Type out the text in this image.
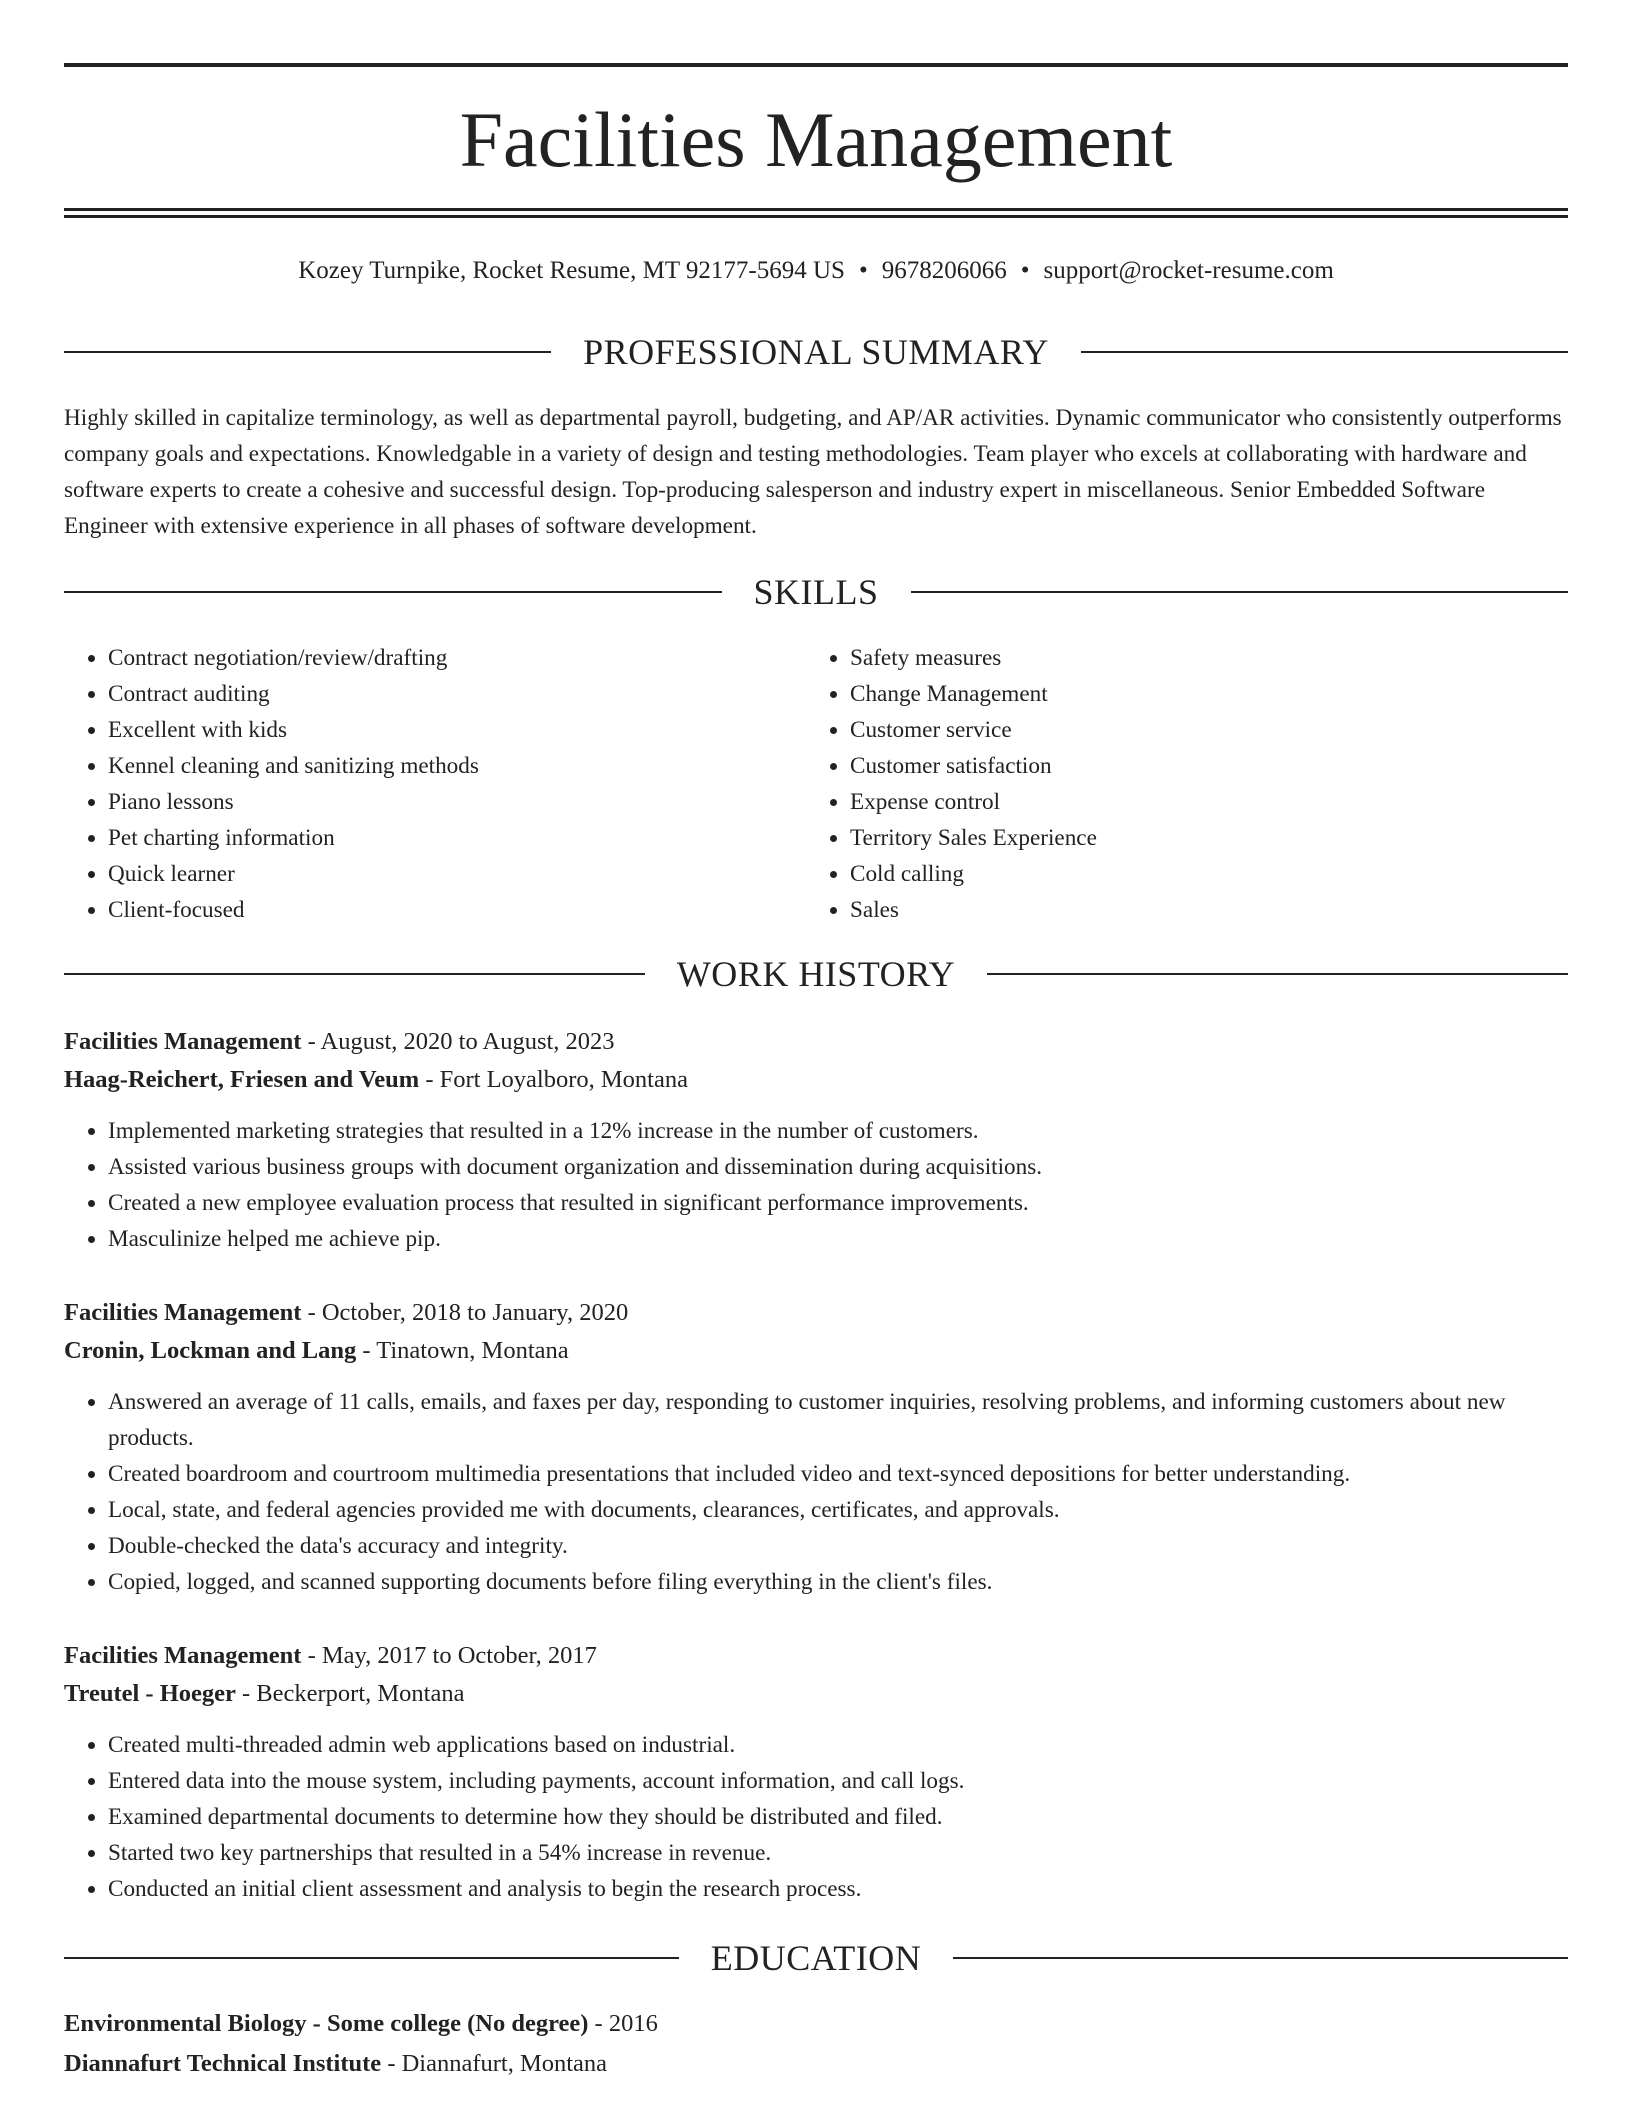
Facilities Management
Kozey Turnpike, Rocket Resume, MT 92177-5694 US • 9678206066 • support@rocket-resume.com
PROFESSIONAL SUMMARY

Highly skilled in capitalize terminology, as well as departmental payroll, budgeting, and AP/AR activities. Dynamic communicator who consistently outperforms company goals and expectations. Knowledgable in a variety of design and testing methodologies. Team player who excels at collaborating with hardware and software experts to create a cohesive and successful design. Top-producing salesperson and industry expert in miscellaneous. Senior Embedded Software Engineer with extensive experience in all phases of software development.

SKILLS
• Contract negotiation/review/drafting
• Contract auditing
• Excellent with kids
• Kennel cleaning and sanitizing methods
• Piano lessons
• Pet charting information
• Quick learner
• Client-focused
• Safety measures
• Change Management
• Customer service
• Customer satisfaction
• Expense control
• Territory Sales Experience
• Cold calling
• Sales
WORK HISTORY

Facilities Management - August, 2020 to August, 2023

Haag-Reichert, Friesen and Veum - Fort Loyalboro, Montana

• Implemented marketing strategies that resulted in a 12% increase in the number of customers.
• Assisted various business groups with document organization and dissemination during acquisitions.
• Created a new employee evaluation process that resulted in significant performance improvements.
• Masculinize helped me achieve pip.

Facilities Management - October, 2018 to January, 2020

Cronin, Lockman and Lang - Tinatown, Montana

• Answered an average of 11 calls, emails, and faxes per day, responding to customer inquiries, resolving problems, and informing customers about new products.
• Created boardroom and courtroom multimedia presentations that included video and text-synced depositions for better understanding.
• Local, state, and federal agencies provided me with documents, clearances, certificates, and approvals.
• Double-checked the data's accuracy and integrity.
• Copied, logged, and scanned supporting documents before filing everything in the client's files.

Facilities Management - May, 2017 to October, 2017

Treutel - Hoeger - Beckerport, Montana

• Created multi-threaded admin web applications based on industrial.
• Entered data into the mouse system, including payments, account information, and call logs.
• Examined departmental documents to determine how they should be distributed and filed.
• Started two key partnerships that resulted in a 54% increase in revenue.
• Conducted an initial client assessment and analysis to begin the research process.
EDUCATION

Environmental Biology - Some college (No degree) - 2016

Diannafurt Technical Institute - Diannafurt, Montana
